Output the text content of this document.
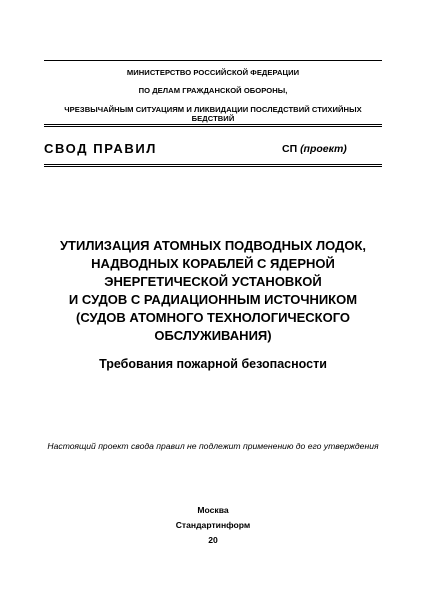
МИНИСТЕРСТВО РОССИЙСКОЙ ФЕДЕРАЦИИ
ПО ДЕЛАМ ГРАЖДАНСКОЙ ОБОРОНЫ,
ЧРЕЗВЫЧАЙНЫМ СИТУАЦИЯМ И ЛИКВИДАЦИИ ПОСЛЕДСТВИЙ СТИХИЙНЫХ БЕДСТВИЙ
СВОД ПРАВИЛ	СП (проект)
УТИЛИЗАЦИЯ АТОМНЫХ ПОДВОДНЫХ ЛОДОК,
НАДВОДНЫХ КОРАБЛЕЙ С ЯДЕРНОЙ
ЭНЕРГЕТИЧЕСКОЙ УСТАНОВКОЙ
И СУДОВ С РАДИАЦИОННЫМ ИСТОЧНИКОМ
(СУДОВ АТОМНОГО ТЕХНОЛОГИЧЕСКОГО
ОБСЛУЖИВАНИЯ)
Требования пожарной безопасности
Настоящий проект свода правил не подлежит применению до его утверждения
Москва
Стандартинформ
20
